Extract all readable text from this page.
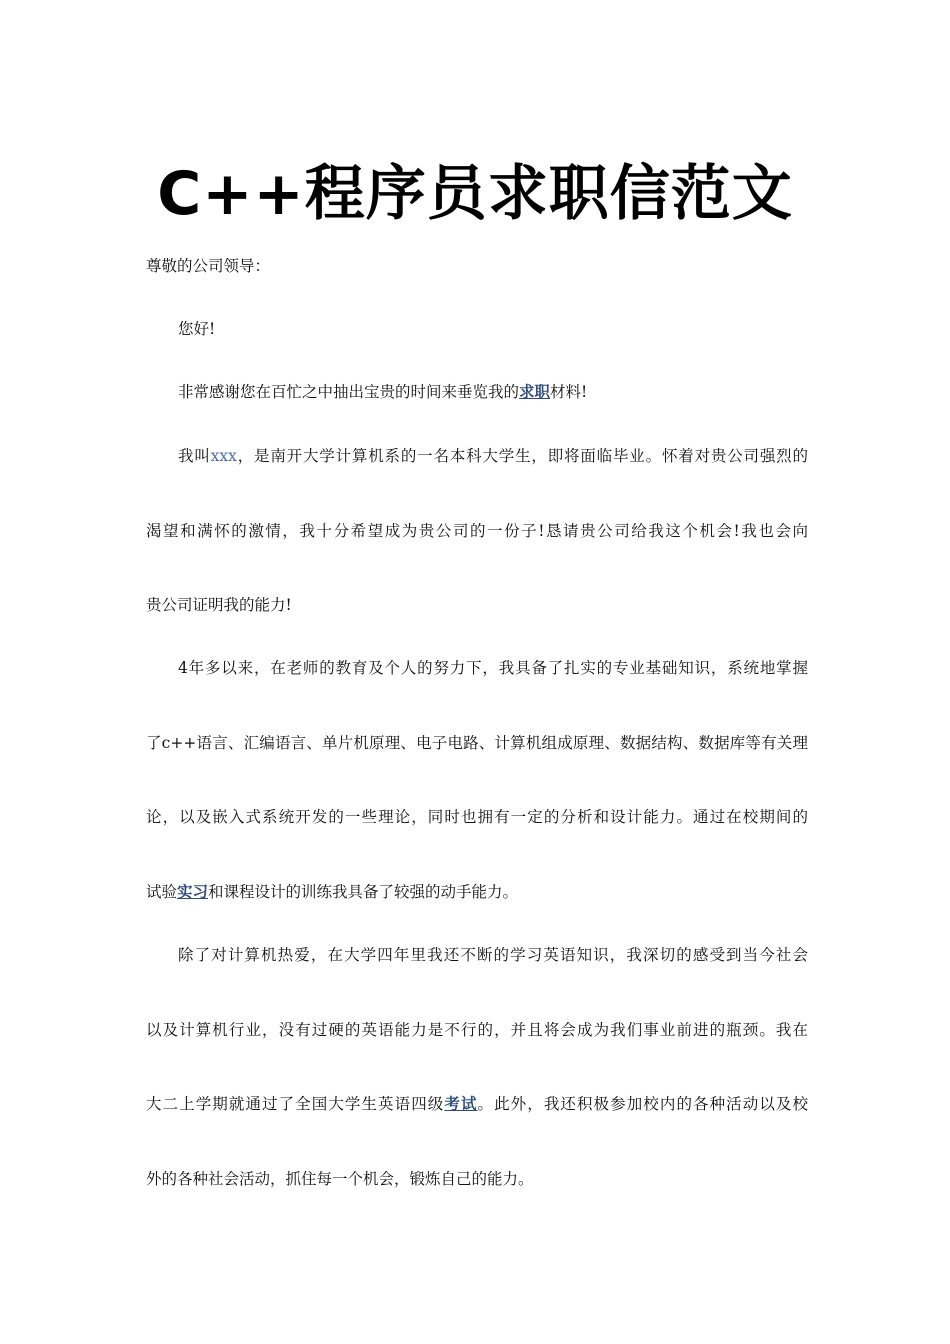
C++程序员求职信范文

尊敬的公司领导：

您好!

非常感谢您在百忙之中抽出宝贵的时间来垂览我的求职材料!

我叫xxx，是南开大学计算机系的一名本科大学生，即将面临毕业。怀着对贵公司强烈的
渴望和满怀的激情，我十分希望成为贵公司的一份子!恳请贵公司给我这个机会!我也会向
贵公司证明我的能力!
4年多以来，在老师的教育及个人的努力下，我具备了扎实的专业基础知识，系统地掌握
了c++语言、汇编语言、单片机原理、电子电路、计算机组成原理、数据结构、数据库等有关理
论，以及嵌入式系统开发的一些理论，同时也拥有一定的分析和设计能力。通过在校期间的
试验实习和课程设计的训练我具备了较强的动手能力。
除了对计算机热爱，在大学四年里我还不断的学习英语知识，我深切的感受到当今社会
以及计算机行业，没有过硬的英语能力是不行的，并且将会成为我们事业前进的瓶颈。我在
大二上学期就通过了全国大学生英语四级考试。此外，我还积极参加校内的各种活动以及校
外的各种社会活动，抓住每一个机会，锻炼自己的能力。
